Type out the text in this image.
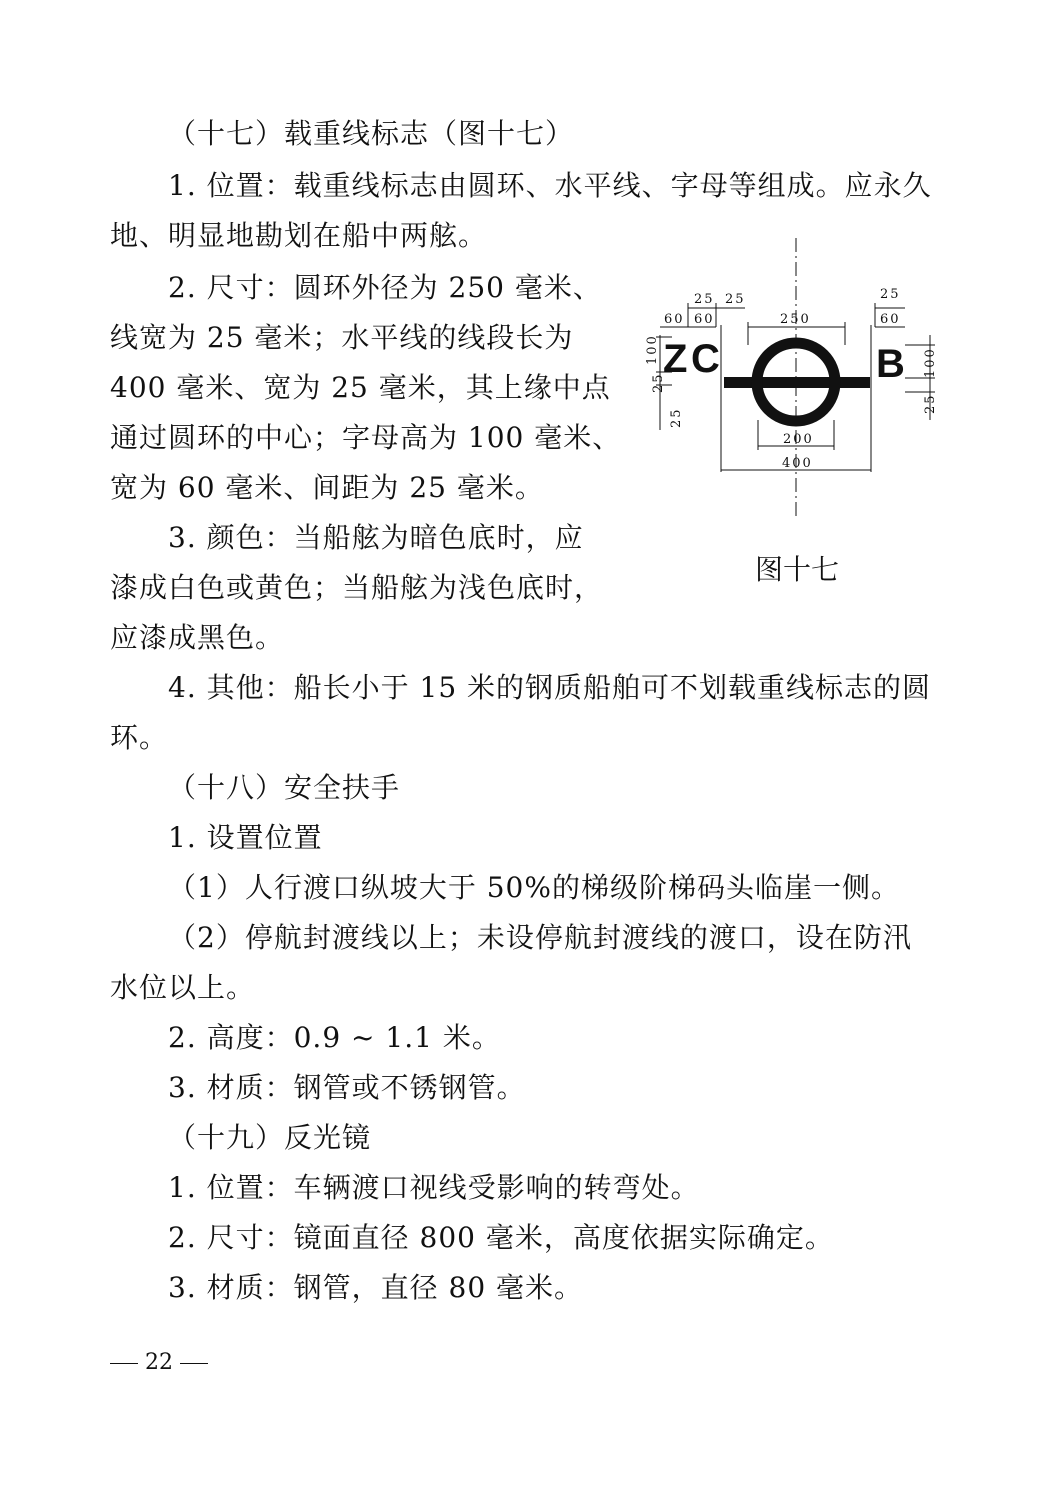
（十七）载重线标志（图十七）
1. 位置：载重线标志由圆环、水平线、字母等组成。应永久
地、明显地勘划在船中两舷。
2. 尺寸：圆环外径为 250 毫米、
线宽为 25 毫米；水平线的线段长为
400 毫米、宽为 25 毫米，其上缘中点
通过圆环的中心；字母高为 100 毫米、
宽为 60 毫米、间距为 25 毫米。
3. 颜色：当船舷为暗色底时，应
漆成白色或黄色；当船舷为浅色底时，
应漆成黑色。
4. 其他：船长小于 15 米的钢质船舶可不划载重线标志的圆
环。
（十八）安全扶手
1. 设置位置
（1）人行渡口纵坡大于 50%的梯级阶梯码头临崖一侧。
（2）停航封渡线以上；未设停航封渡线的渡口，设在防汛
水位以上。
2. 高度：0.9 ~ 1.1 米。
3. 材质：钢管或不锈钢管。
（十九）反光镜
1. 位置：车辆渡口视线受影响的转弯处。
2. 尺寸：镜面直径 800 毫米，高度依据实际确定。
3. 材质：钢管，直径 80 毫米。
Z C	B
25 25	25
60 60	60
250
200
400
100
25
25
100
25
图十七
22
